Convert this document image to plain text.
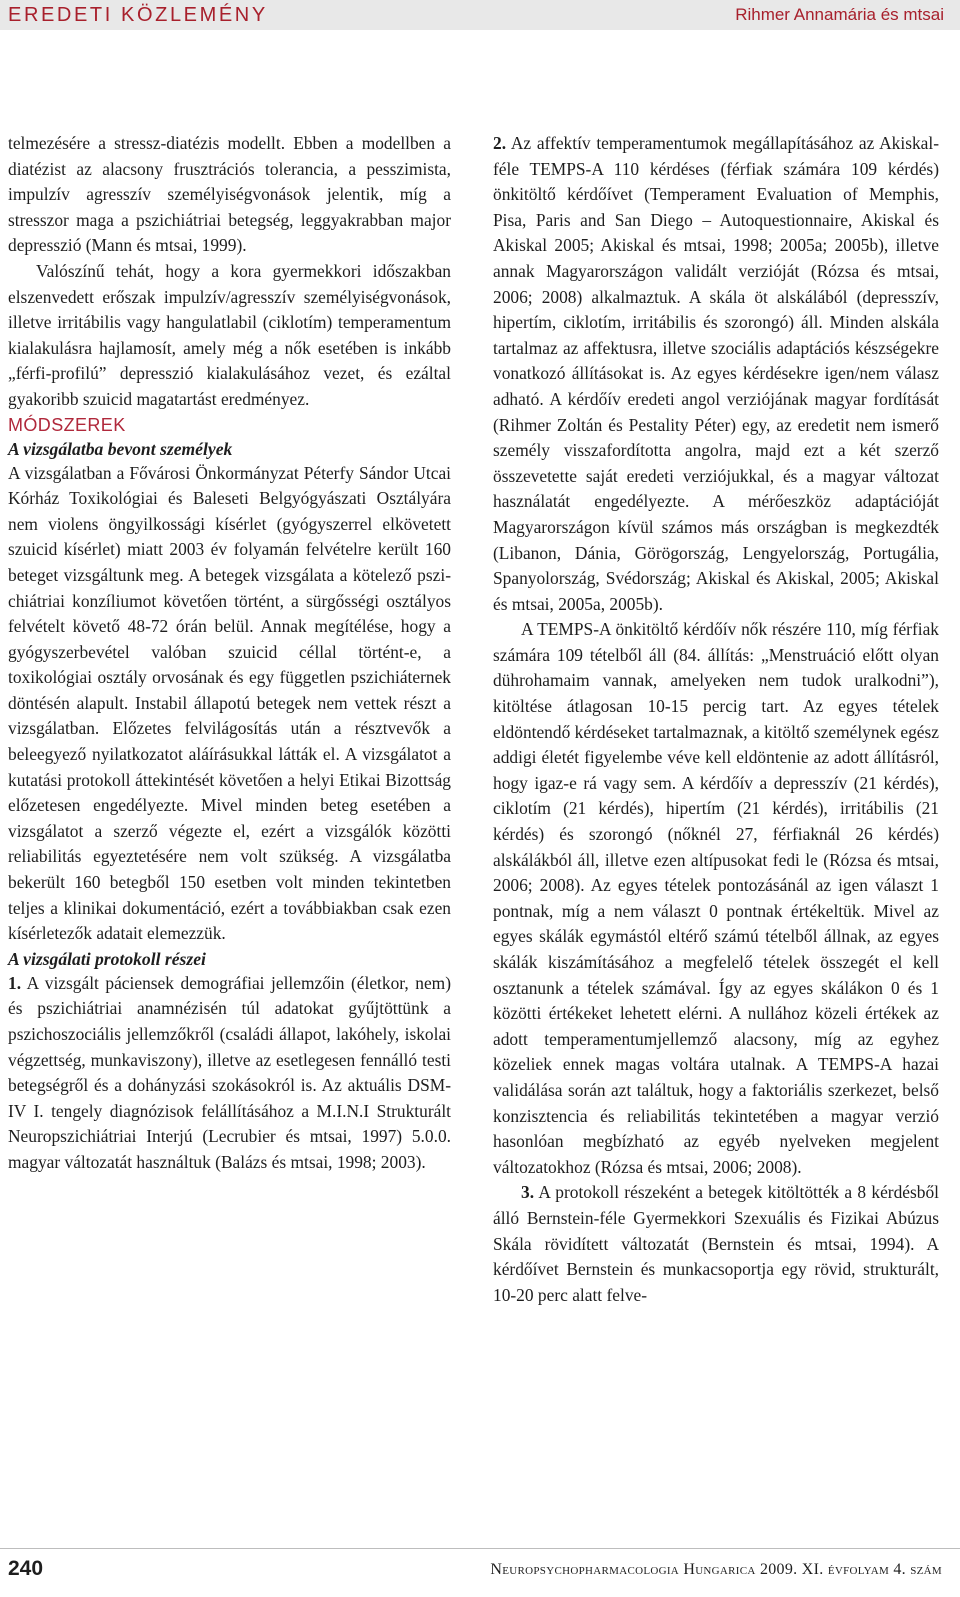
EREDETI KÖZLEMÉNY	Rihmer Annamária és mtsai

telmezésére a stressz-diatézis modellt. Ebben a modellben a diatézist az alacsony frusztrációs tolerancia, a pesszimista, impulzív agresszív személyiségvonások jelentik, míg a stresszor maga a pszichiátriai betegség, leggyakrabban major depresszió (Mann és mtsai, 1999).

Valószínű tehát, hogy a kora gyermekkori időszakban elszenvedett erőszak impulzív/agresszív személyiségvonások, illetve irritábilis vagy hangulatlabil (ciklotím) temperamentum kialakulásra hajlamosít, amely még a nők esetében is inkább „férfi-profilú” depresszió kialakulásához vezet, és ezáltal gyakoribb szuicid magatartást eredményez.

MÓDSZEREK

A vizsgálatba bevont személyek

A vizsgálatban a Fővárosi Önkormányzat Péterfy Sándor Utcai Kórház Toxikológiai és Baleseti Belgyógyászati Osztályára nem violens öngyilkossági kísérlet (gyógyszerrel elkövetett szuicid kísérlet) miatt 2003 év folyamán felvételre került 160 beteget vizsgáltunk meg. A betegek vizsgálata a kötelező pszichiátriai konzíliumot követően történt, a sürgősségi osztályos felvételt követő 48-72 órán belül. Annak megítélése, hogy a gyógyszerbevétel valóban szuicid céllal történt-e, a toxikológiai osztály orvosának és egy független pszichiáternek döntésén alapult. Instabil állapotú betegek nem vettek részt a vizsgálatban. Előzetes felvilágosítás után a résztvevők a beleegyező nyilatkozatot aláírásukkal látták el. A vizsgálatot a kutatási protokoll áttekintését követően a helyi Etikai Bizottság előzetesen engedélyezte. Mivel minden beteg esetében a vizsgálatot a szerző végezte el, ezért a vizsgálók közötti reliabilitás egyeztetésére nem volt szükség. A vizsgálatba bekerült 160 betegből 150 esetben volt minden tekintetben teljes a klinikai dokumentáció, ezért a továbbiakban csak ezen kísérletezők adatait elemezzük.

A vizsgálati protokoll részei

1. A vizsgált páciensek demográfiai jellemzőin (életkor, nem) és pszichiátriai anamnézisén túl adatokat gyűjtöttünk a pszichoszociális jellemzőkről (családi állapot, lakóhely, iskolai végzettség, munkaviszony), illetve az esetlegesen fennálló testi betegségről és a dohányzási szokásokról is. Az aktuális DSM-IV I. tengely diagnózisok felállításához a M.I.N.I Strukturált Neuropszichiátriai Interjú (Lecrubier és mtsai, 1997) 5.0.0. magyar változatát használtuk (Balázs és mtsai, 1998; 2003).

2. Az affektív temperamentumok megállapításához az Akiskal-féle TEMPS-A 110 kérdéses (férfiak számára 109 kérdés) önkitöltő kérdőívet (Temperament Evaluation of Memphis, Pisa, Paris and San Diego – Autoquestionnaire, Akiskal és Akiskal 2005; Akiskal és mtsai, 1998; 2005a; 2005b), illetve annak Magyarországon validált verzióját (Rózsa és mtsai, 2006; 2008) alkalmaztuk. A skála öt alskálából (depresszív, hipertím, ciklotím, irritábilis és szorongó) áll. Minden alskála tartalmaz az affektusra, illetve szociális adaptációs készségekre vonatkozó állításokat is. Az egyes kérdésekre igen/nem válasz adható. A kérdőív eredeti angol verziójának magyar fordítását (Rihmer Zoltán és Pestality Péter) egy, az eredetit nem ismerő személy visszafordította angolra, majd ezt a két szerző összevetette saját eredeti verziójukkal, és a magyar változat használatát engedélyezte. A mérőeszköz adaptációját Magyarországon kívül számos más országban is megkezdték (Libanon, Dánia, Görögország, Lengyelország, Portugália, Spanyolország, Svédország; Akiskal és Akiskal, 2005; Akiskal és mtsai, 2005a, 2005b).

A TEMPS-A önkitöltő kérdőív nők részére 110, míg férfiak számára 109 tételből áll (84. állítás: „Menstruáció előtt olyan dührohamaim vannak, amelyeken nem tudok uralkodni”), kitöltése átlagosan 10-15 percig tart. Az egyes tételek eldöntendő kérdéseket tartalmaznak, a kitöltő személynek egész addigi életét figyelembe véve kell eldöntenie az adott állításról, hogy igaz-e rá vagy sem. A kérdőív a depresszív (21 kérdés), ciklotím (21 kérdés), hipertím (21 kérdés), irritábilis (21 kérdés) és szorongó (nőknél 27, férfiaknál 26 kérdés) alskálákból áll, illetve ezen altípusokat fedi le (Rózsa és mtsai, 2006; 2008). Az egyes tételek pontozásánál az igen választ 1 pontnak, míg a nem választ 0 pontnak értékeltük. Mivel az egyes skálák egymástól eltérő számú tételből állnak, az egyes skálák kiszámításához a megfelelő tételek összegét el kell osztanunk a tételek számával. Így az egyes skálákon 0 és 1 közötti értékeket lehetett elérni. A nullához közeli értékek az adott temperamentumjellemző alacsony, míg az egyhez közeliek ennek magas voltára utalnak. A TEMPS-A hazai validálása során azt találtuk, hogy a faktoriális szerkezet, belső konzisztencia és reliabilitás tekintetében a magyar verzió hasonlóan megbízható az egyéb nyelveken megjelent változatokhoz (Rózsa és mtsai, 2006; 2008).

3. A protokoll részeként a betegek kitöltötték a 8 kérdésből álló Bernstein-féle Gyermekkori Szexuális és Fizikai Abúzus Skála rövidített változatát (Bernstein és mtsai, 1994). A kérdőívet Bernstein és munkacsoportja egy rövid, strukturált, 10-20 perc alatt felve-

240	Neuropsychopharmacologia Hungarica 2009. XI. évfolyam 4. szám
